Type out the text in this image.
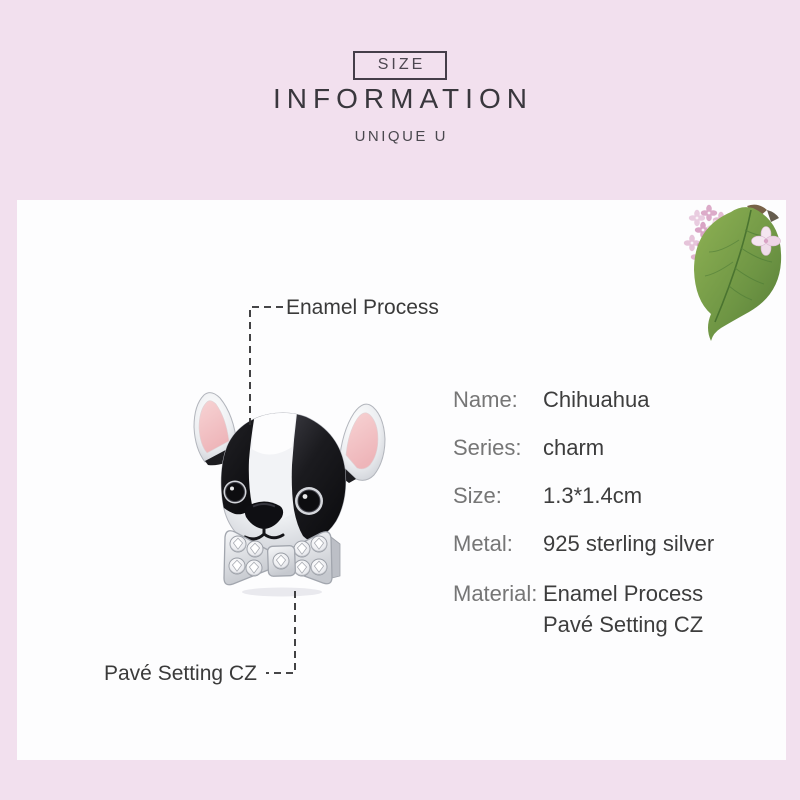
SIZE
INFORMATION
UNIQUE U
Enamel Process
Pavé Setting CZ
Name: Chihuahua
Series: charm
Size: 1.3*1.4cm
Metal: 925 sterling silver
Material: Enamel Process
Pavé Setting CZ
